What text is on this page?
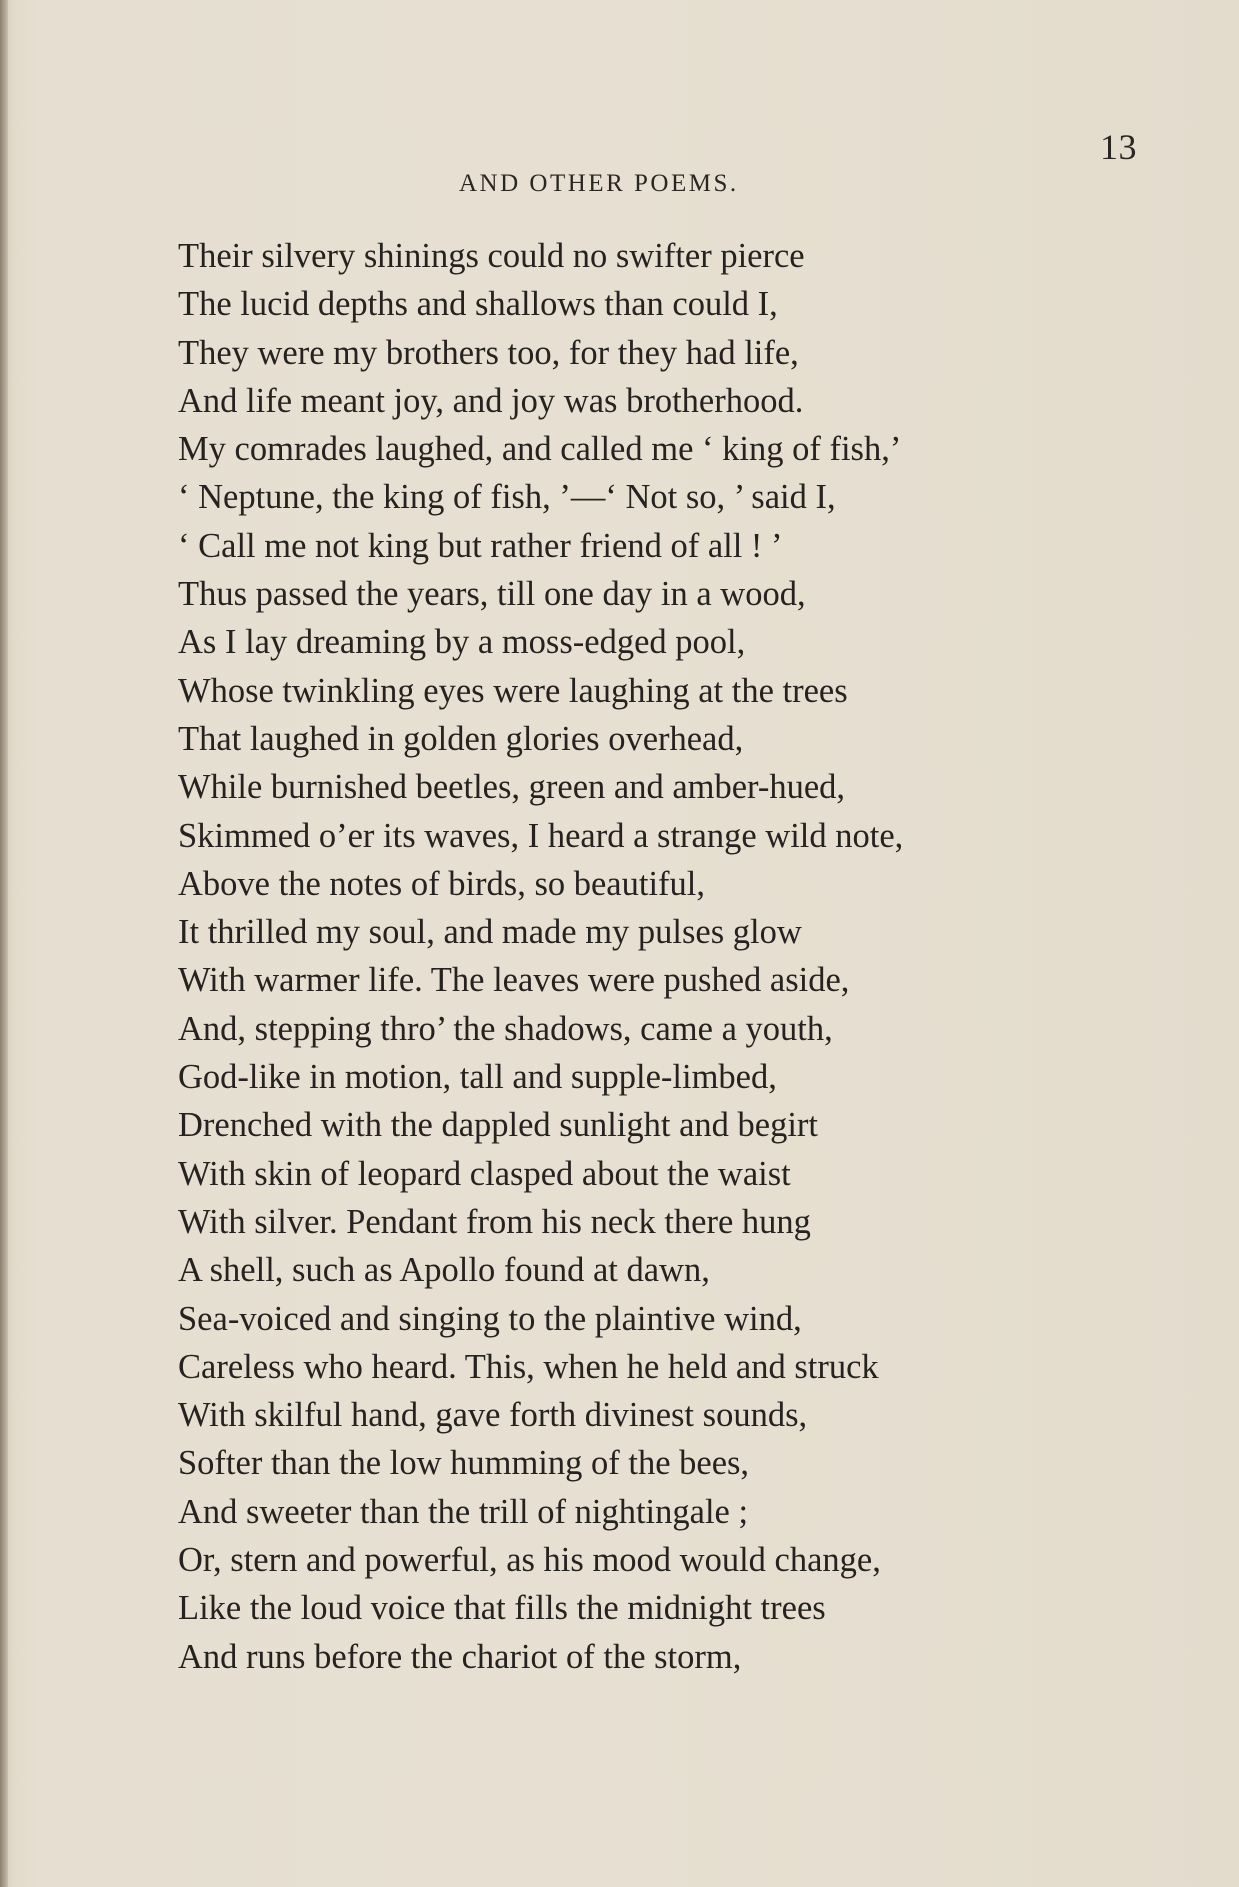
13
AND OTHER POEMS.
Their silvery shinings could no swifter pierce
The lucid depths and shallows than could I,
They were my brothers too, for they had life,
And life meant joy, and joy was brotherhood.
My comrades laughed, and called me ‘ king of fish,’
‘ Neptune, the king of fish, ’—‘ Not so, ’ said I,
‘ Call me not king but rather friend of all ! ’
Thus passed the years, till one day in a wood,
As I lay dreaming by a moss-edged pool,
Whose twinkling eyes were laughing at the trees
That laughed in golden glories overhead,
While burnished beetles, green and amber-hued,
Skimmed o’er its waves, I heard a strange wild note,
Above the notes of birds, so beautiful,
It thrilled my soul, and made my pulses glow
With warmer life. The leaves were pushed aside,
And, stepping thro’ the shadows, came a youth,
God-like in motion, tall and supple-limbed,
Drenched with the dappled sunlight and begirt
With skin of leopard clasped about the waist
With silver. Pendant from his neck there hung
A shell, such as Apollo found at dawn,
Sea-voiced and singing to the plaintive wind,
Careless who heard. This, when he held and struck
With skilful hand, gave forth divinest sounds,
Softer than the low humming of the bees,
And sweeter than the trill of nightingale ;
Or, stern and powerful, as his mood would change,
Like the loud voice that fills the midnight trees
And runs before the chariot of the storm,
